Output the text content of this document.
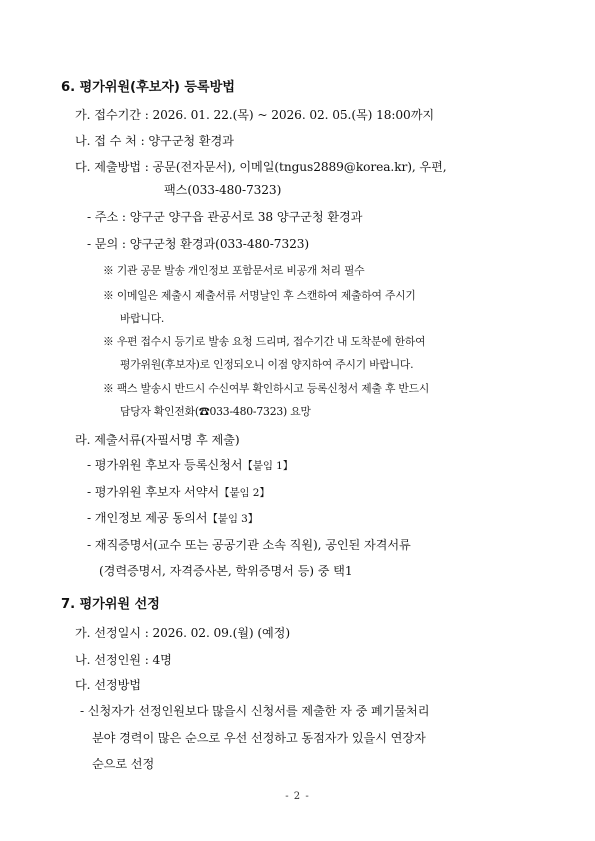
6. 평가위원(후보자) 등록방법
가. 접수기간 : 2026. 01. 22.(목) ~ 2026. 02. 05.(목) 18:00까지
나. 접 수 처 : 양구군청 환경과
다. 제출방법 : 공문(전자문서), 이메일(tngus2889@korea.kr), 우편,
팩스(033-480-7323)
- 주소 : 양구군 양구읍 관공서로 38 양구군청 환경과
- 문의 : 양구군청 환경과(033-480-7323)
※ 기관 공문 발송 개인정보 포함문서로 비공개 처리 필수
※ 이메일은 제출시 제출서류 서명날인 후 스캔하여 제출하여 주시기
바랍니다.
※ 우편 접수시 등기로 발송 요청 드리며, 접수기간 내 도착분에 한하여
평가위원(후보자)로 인정되오니 이점 양지하여 주시기 바랍니다.
※ 팩스 발송시 반드시 수신여부 확인하시고 등록신청서 제출 후 반드시
담당자 확인전화(☎033-480-7323) 요망
라. 제출서류(자필서명 후 제출)
- 평가위원 후보자 등록신청서【붙임 1】
- 평가위원 후보자 서약서【붙임 2】
- 개인정보 제공 동의서【붙임 3】
- 재직증명서(교수 또는 공공기관 소속 직원), 공인된 자격서류
(경력증명서, 자격증사본, 학위증명서 등) 중 택1
7. 평가위원 선정
가. 선정일시 : 2026. 02. 09.(월) (예정)
나. 선정인원 : 4명
다. 선정방법
- 신청자가 선정인원보다 많을시 신청서를 제출한 자 중 폐기물처리
분야 경력이 많은 순으로 우선 선정하고 동점자가 있을시 연장자
순으로 선정
- 2 -
